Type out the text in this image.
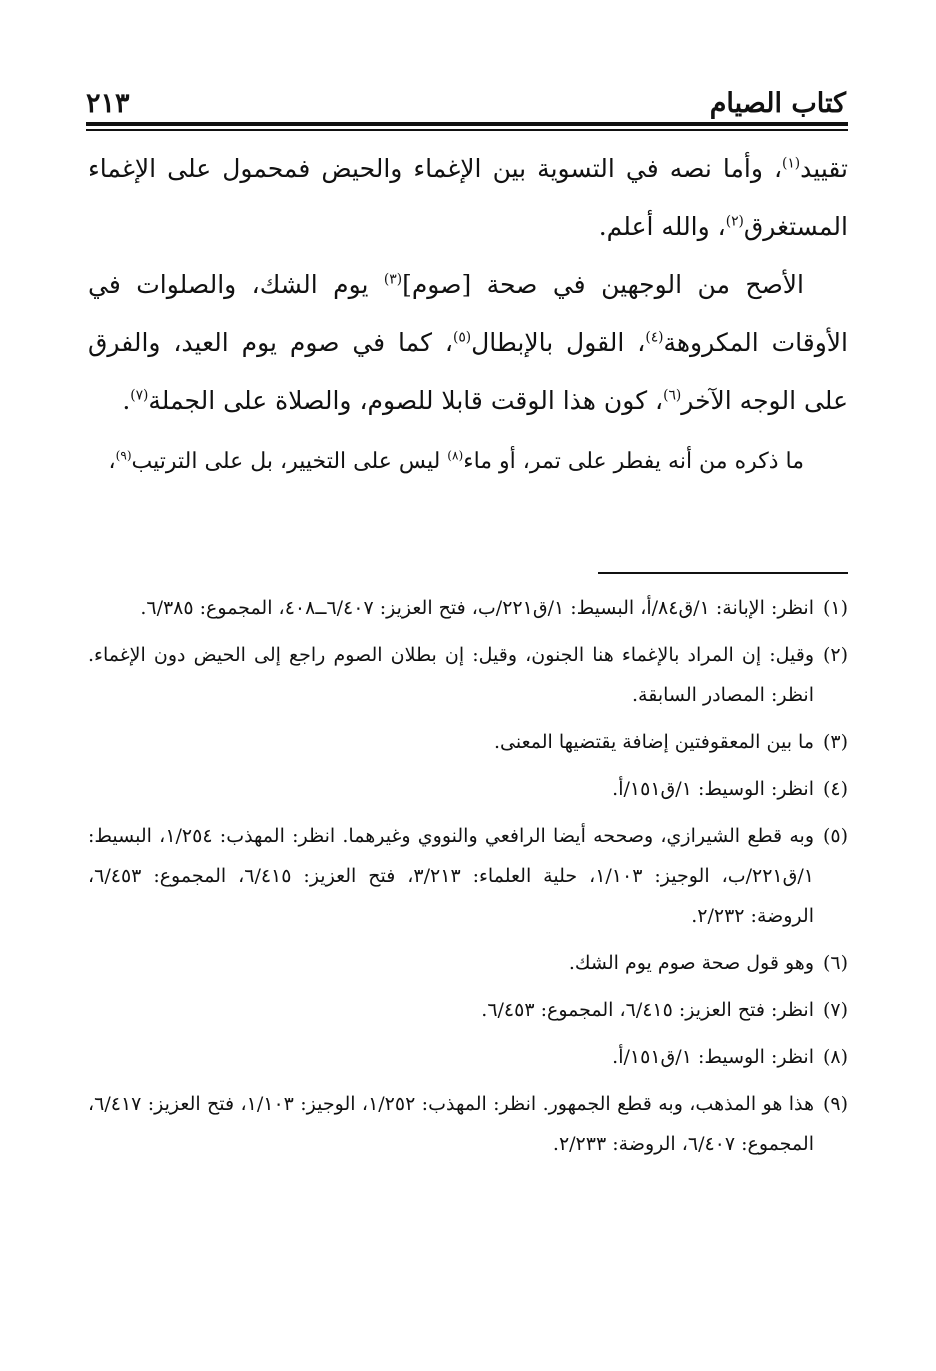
كتاب الصيام
٢١٣

تقييد$^{(١)}$، وأما نصه في التسوية بين الإغماء والحيض فمحمول على الإغماء المستغرق$^{(٢)}$، والله أعلم.

الأصح من الوجهين في صحة [صوم]$^{(٣)}$ يوم الشك، والصلوات في الأوقات المكروهة$^{(٤)}$، القول بالإبطال$^{(٥)}$، كما في صوم يوم العيد، والفرق على الوجه الآخر$^{(٦)}$، كون هذا الوقت قابلا للصوم، والصلاة على الجملة$^{(٧)}$.

ما ذكره من أنه يفطر على تمر، أو ماء$^{(٨)}$ ليس على التخيير، بل على الترتيب$^{(٩)}$،

(١)انظر: الإبانة: ١/ق٨٤/أ، البسيط: ١/ق٢٢١/ب، فتح العزيز: ٦/٤٠٧ــ٤٠٨، المجموع: ٦/٣٨٥.

(٢)وقيل: إن المراد بالإغماء هنا الجنون، وقيل: إن بطلان الصوم راجع إلى الحيض دون الإغماء. انظر: المصادر السابقة.

(٣)ما بين المعقوفتين إضافة يقتضيها المعنى.

(٤)انظر: الوسيط: ١/ق١٥١/أ.

(٥)وبه قطع الشيرازي، وصححه أيضا الرافعي والنووي وغيرهما. انظر: المهذب: ١/٢٥٤، البسيط: ١/ق٢٢١/ب، الوجيز: ١/١٠٣، حلية العلماء: ٣/٢١٣، فتح العزيز: ٦/٤١٥، المجموع: ٦/٤٥٣، الروضة: ٢/٢٣٢.

(٦)وهو قول صحة صوم يوم الشك.

(٧)انظر: فتح العزيز: ٦/٤١٥، المجموع: ٦/٤٥٣.

(٨)انظر: الوسيط: ١/ق١٥١/أ.

(٩)هذا هو المذهب، وبه قطع الجمهور. انظر: المهذب: ١/٢٥٢، الوجيز: ١/١٠٣، فتح العزيز: ٦/٤١٧، المجموع: ٦/٤٠٧، الروضة: ٢/٢٣٣.
